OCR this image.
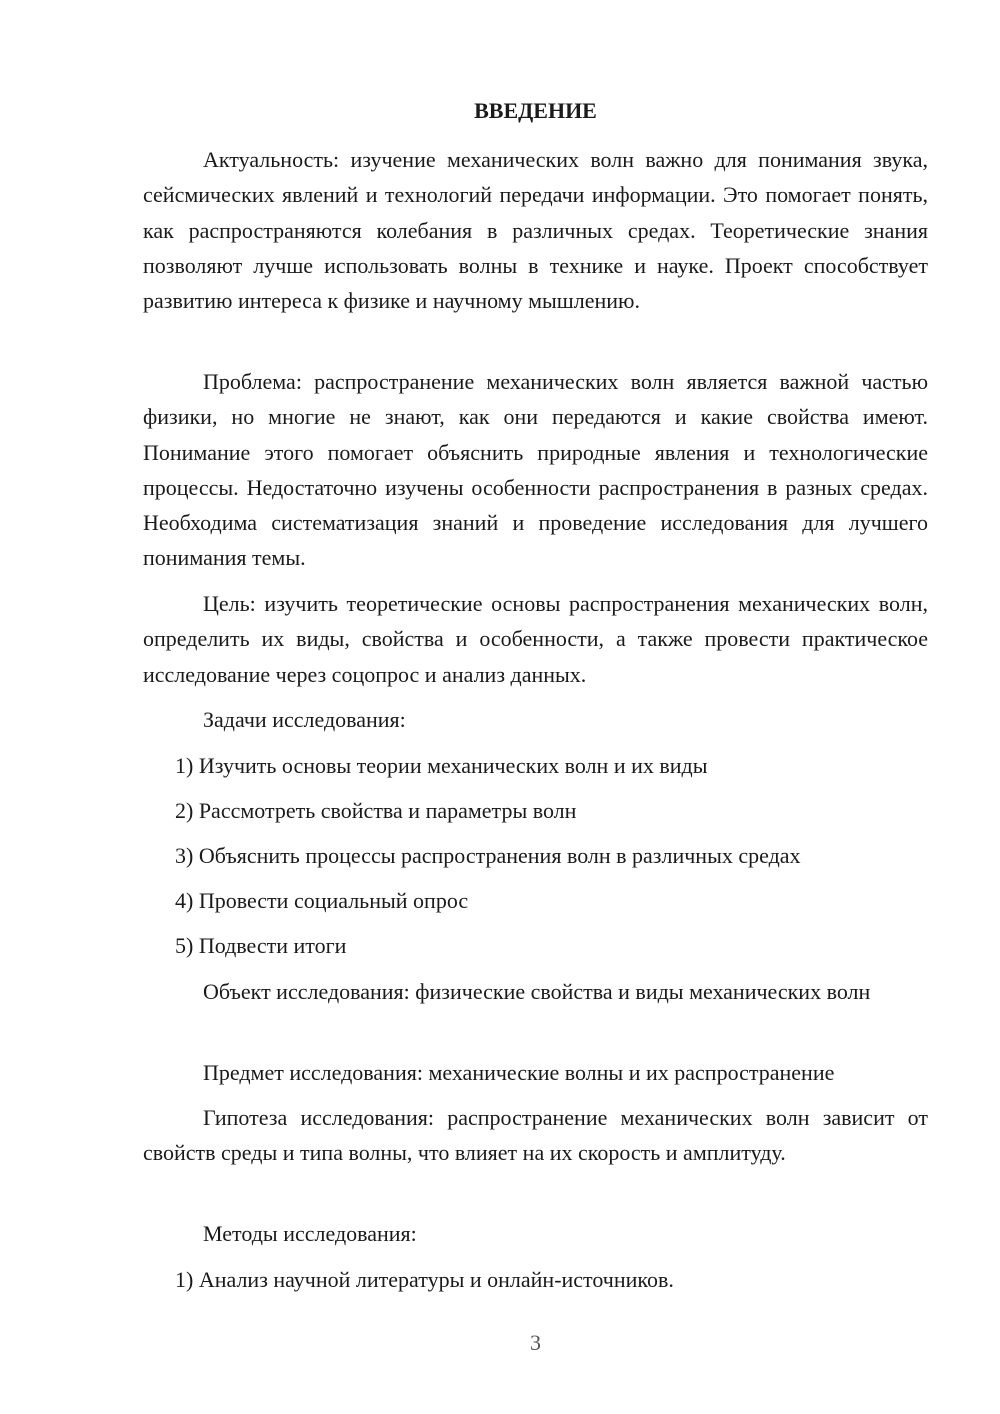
ВВЕДЕНИЕ

Актуальность: изучение механических волн важно для понимания звука, сейсмических явлений и технологий передачи информации. Это помогает понять, как распространяются колебания в различных средах. Теоретические знания позволяют лучше использовать волны в технике и науке. Проект способствует развитию интереса к физике и научному мышлению.

Проблема: распространение механических волн является важной частью физики, но многие не знают, как они передаются и какие свойства имеют. Понимание этого помогает объяснить природные явления и технологические процессы. Недостаточно изучены особенности распространения в разных средах. Необходима систематизация знаний и проведение исследования для лучшего понимания темы.

Цель: изучить теоретические основы распространения механических волн, определить их виды, свойства и особенности, а также провести практическое исследование через соцопрос и анализ данных.

Задачи исследования:

1) Изучить основы теории механических волн и их виды

2) Рассмотреть свойства и параметры волн

3) Объяснить процессы распространения волн в различных средах

4) Провести социальный опрос

5) Подвести итоги

Объект исследования: физические свойства и виды механических волн

Предмет исследования: механические волны и их распространение

Гипотеза исследования: распространение механических волн зависит от свойств среды и типа волны, что влияет на их скорость и амплитуду.

Методы исследования:

1) Анализ научной литературы и онлайн-источников.

3
